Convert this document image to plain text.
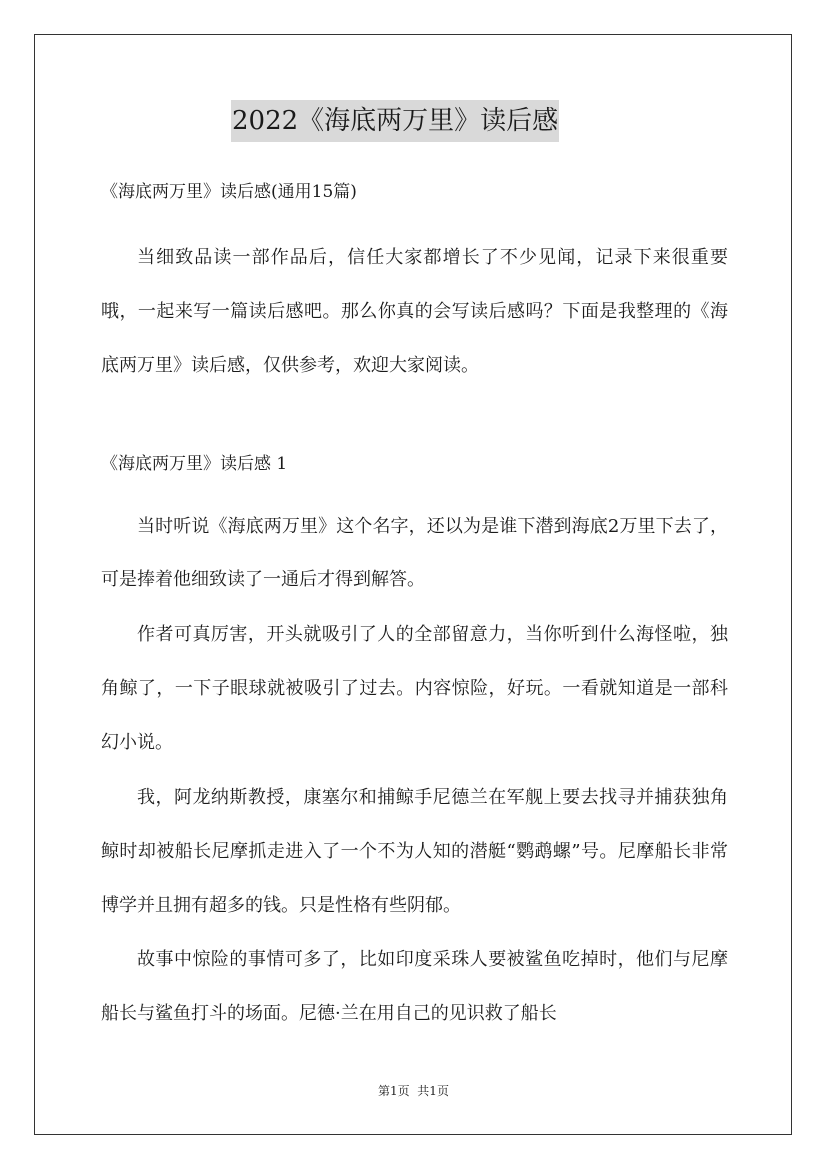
2022《海底两万里》读后感
《海底两万里》读后感(通用15篇)

当细致品读一部作品后，信任大家都增长了不少见闻，记录下来很重要哦，一起来写一篇读后感吧。那么你真的会写读后感吗？下面是我整理的《海底两万里》读后感，仅供参考，欢迎大家阅读。

《海底两万里》读后感 1

当时听说《海底两万里》这个名字，还以为是谁下潜到海底2万里下去了，可是捧着他细致读了一通后才得到解答。

作者可真厉害，开头就吸引了人的全部留意力，当你听到什么海怪啦，独角鲸了，一下子眼球就被吸引了过去。内容惊险，好玩。一看就知道是一部科幻小说。

我，阿龙纳斯教授，康塞尔和捕鲸手尼德兰在军舰上要去找寻并捕获独角鲸时却被船长尼摩抓走进入了一个不为人知的潜艇“鹦鹉螺”号。尼摩船长非常博学并且拥有超多的钱。只是性格有些阴郁。

故事中惊险的事情可多了，比如印度采珠人要被鲨鱼吃掉时，他们与尼摩船长与鲨鱼打斗的场面。尼德·兰在用自己的见识救了船长

第1页  共1页
